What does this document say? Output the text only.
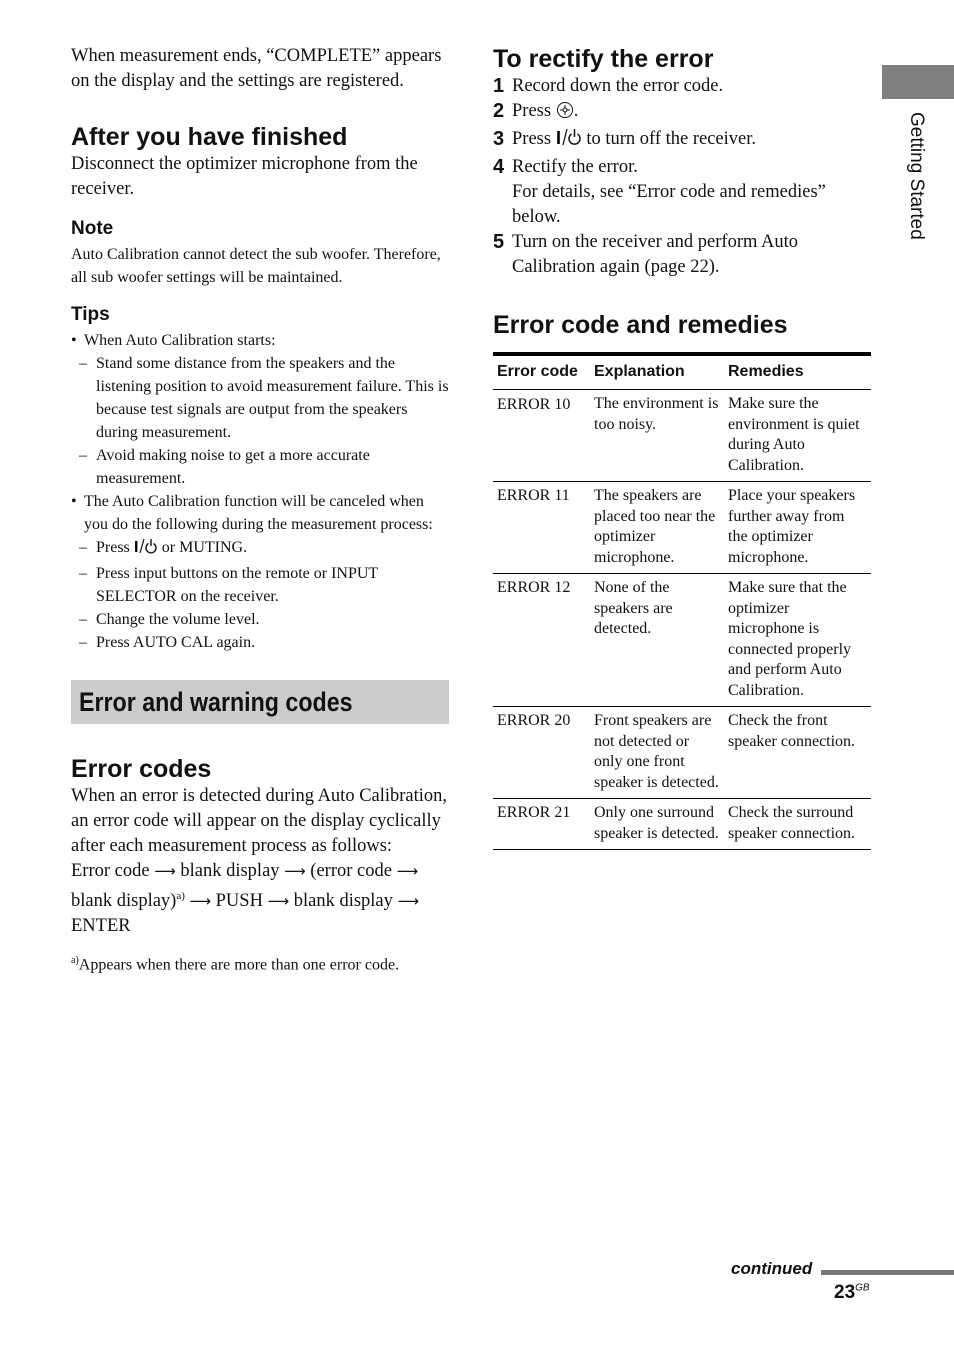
When measurement ends, “COMPLETE” appears on the display and the settings are registered.

After you have finished

Disconnect the optimizer microphone from the receiver.

Note

Auto Calibration cannot detect the sub woofer. Therefore, all sub woofer settings will be maintained.

Tips
• When Auto Calibration starts:
– Stand some distance from the speakers and the listening position to avoid measurement failure. This is because test signals are output from the speakers during measurement.
– Avoid making noise to get a more accurate measurement.
• The Auto Calibration function will be canceled when you do the following during the measurement process:
– Press I or MUTING.
– Press input buttons on the remote or INPUT SELECTOR on the receiver.
– Change the volume level.
– Press AUTO CAL again.
Error and warning codes
Error codes

When an error is detected during Auto Calibration, an error code will appear on the display cyclically after each measurement process as follows:

Error code ⟶ blank display ⟶ (error code ⟶ blank display)$^{a)}$ ⟶ PUSH ⟶ blank display ⟶ ENTER

$^{a)}$Appears when there are more than one error code.

To rectify the error
1 Record down the error code.
2 Press .
3 Press I to turn off the receiver.
4 Rectify the error.
For details, see “Error code and remedies” below.
5 Turn on the receiver and perform Auto Calibration again (page 22).
Error code and remedies
Error code	Explanation	Remedies
ERROR 10	The environment is too noisy.	Make sure the environment is quiet during Auto Calibration.
ERROR 11	The speakers are placed too near the optimizer microphone.	Place your speakers further away from the optimizer microphone.
ERROR 12	None of the speakers are detected.	Make sure that the optimizer microphone is connected properly and perform Auto Calibration.
ERROR 20	Front speakers are not detected or only one front speaker is detected.	Check the front speaker connection.
ERROR 21	Only one surround speaker is detected.	Check the surround speaker connection.
Getting Started
continued
$23^{GB}$
